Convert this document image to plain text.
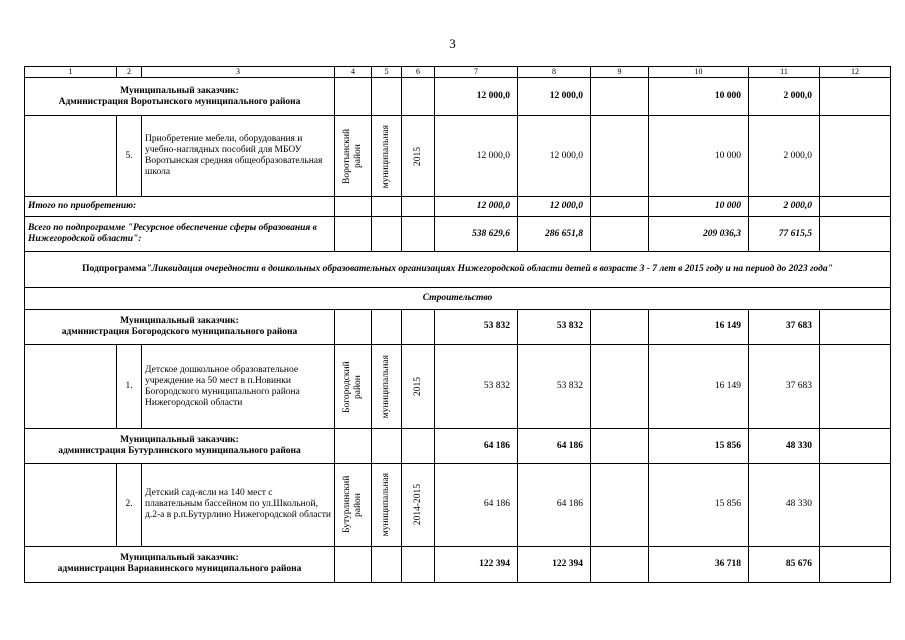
3
1	2	3	4	5	6	7	8	9	10	11	12

Муниципальный заказчик:
Администрация Воротынского муниципального района						12 000,0	12 000,0		10 000	2 000,0	
	5.	Приобретение мебели, оборудования и учебно-наглядных пособий для МБОУ Воротынская средняя общеобразовательная школа	Воротынский район	муниципальная	2015	12 000,0	12 000,0		10 000	2 000,0	
Итого по приобретению:						12 000,0	12 000,0		10 000	2 000,0	
Всего по подпрограмме "Ресурсное обеспечение сферы образования в Нижегородской области":						538 629,6	286 651,8		209 036,3	77 615,5	
Подпрограмма"Ликвидация очередности в дошкольных образовательных организациях Нижегородской области детей в возрасте 3 - 7 лет в 2015 году и на период до 2023 года"											
Строительство											

Муниципальный заказчик:
администрация Богородского муниципального района						53 832	53 832		16 149	37 683	
	1.	Детское дошкольное образовательное учреждение на 50 мест в п.Новинки Богородского муниципального района Нижегородской области	Богородский район	муниципальная	2015	53 832	53 832		16 149	37 683	

Муниципальный заказчик:
администрация Бутурлинского муниципального района						64 186	64 186		15 856	48 330	
	2.	Детский сад-ясли на 140 мест с плавательным бассейном по ул.Школьной, д.2-а в р.п.Бутурлино Нижегородской области	Бутурлинский район	муниципальная	2014-2015	64 186	64 186		15 856	48 330	

Муниципальный заказчик:
администрация Вариавинского муниципального района						122 394	122 394		36 718	85 676	
